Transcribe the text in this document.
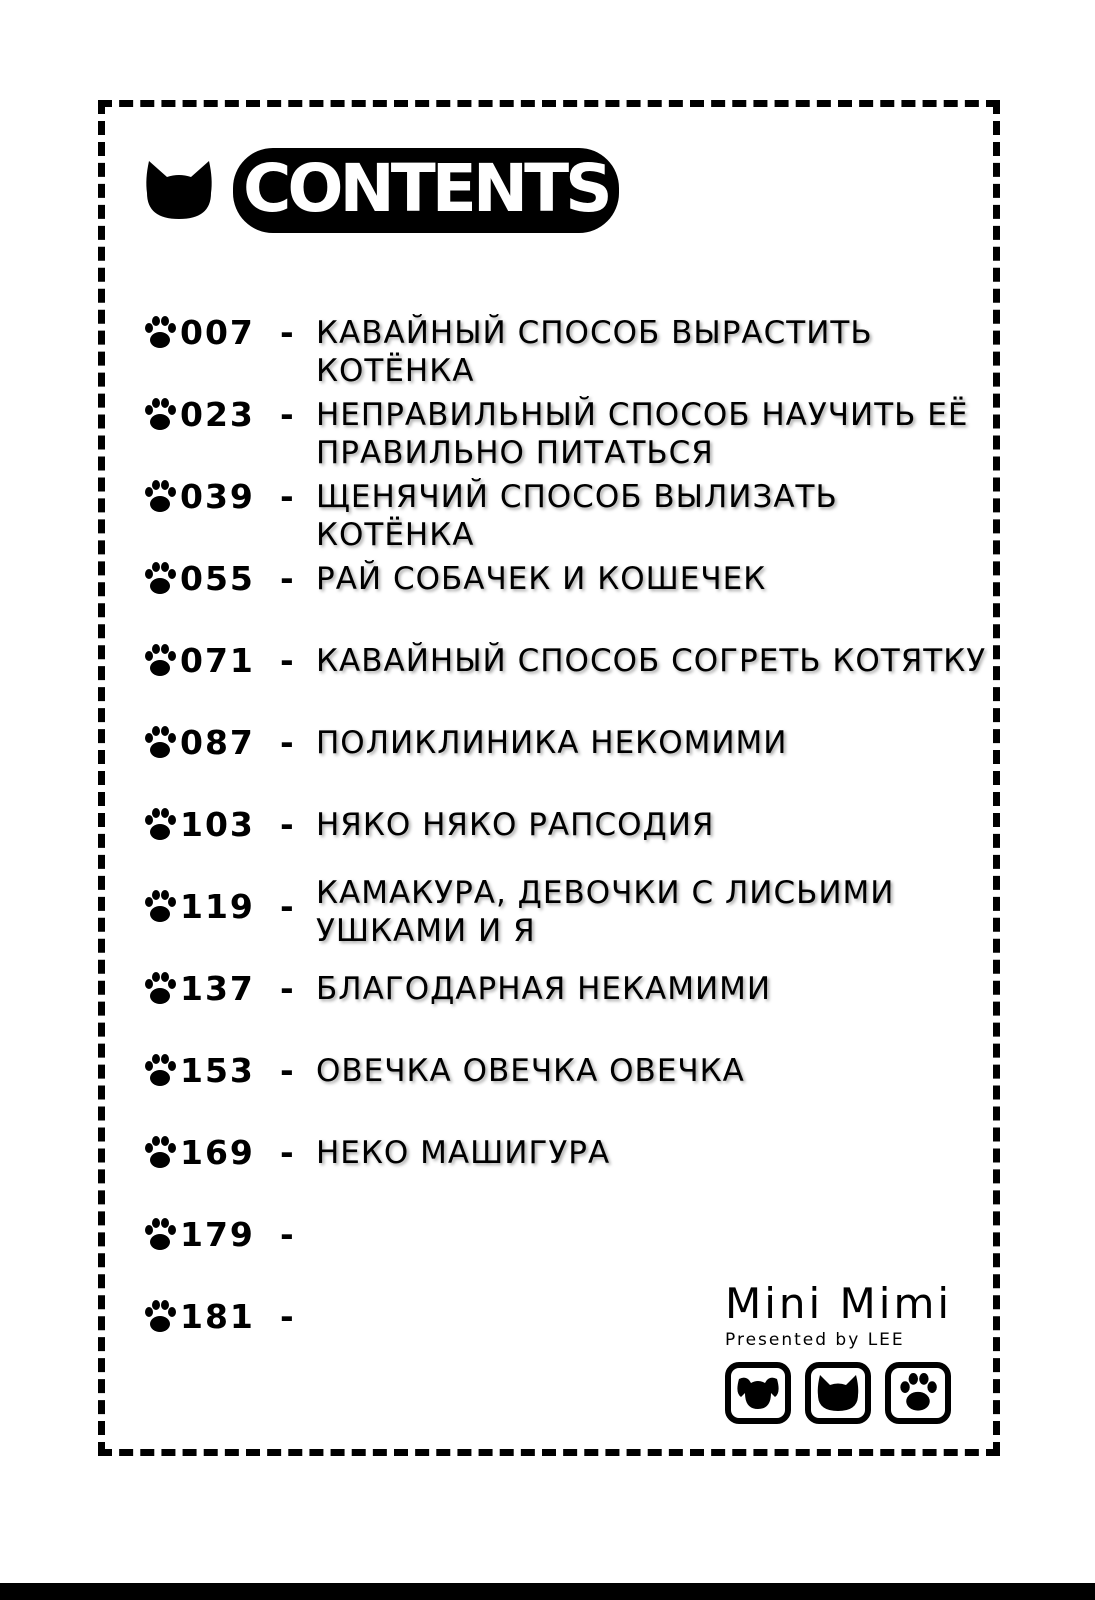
CONTENTS
007 - КАВАЙНЫЙ СПОСОБ ВЫРАСТИТЬ КОТЁНКА
023 - НЕПРАВИЛЬНЫЙ СПОСОБ НАУЧИТЬ ЕЁ ПРАВИЛЬНО ПИТАТЬСЯ
039 - ЩЕНЯЧИЙ СПОСОБ ВЫЛИЗАТЬ КОТЁНКА
055 - РАЙ СОБАЧЕК И КОШЕЧЕК
071 - КАВАЙНЫЙ СПОСОБ СОГРЕТЬ КОТЯТКУ
087 - ПОЛИКЛИНИКА НЕКОМИМИ
103 - НЯКО НЯКО РАПСОДИЯ
119 - КАМАКУРА, ДЕВОЧКИ С ЛИСЬИМИ УШКАМИ И Я
137 - БЛАГОДАРНАЯ НЕКАМИМИ
153 - ОВЕЧКА ОВЕЧКА ОВЕЧКА
169 - НЕКО МАШИГУРА
179 -
181 -	Mini Mimi
Presented by LEE
